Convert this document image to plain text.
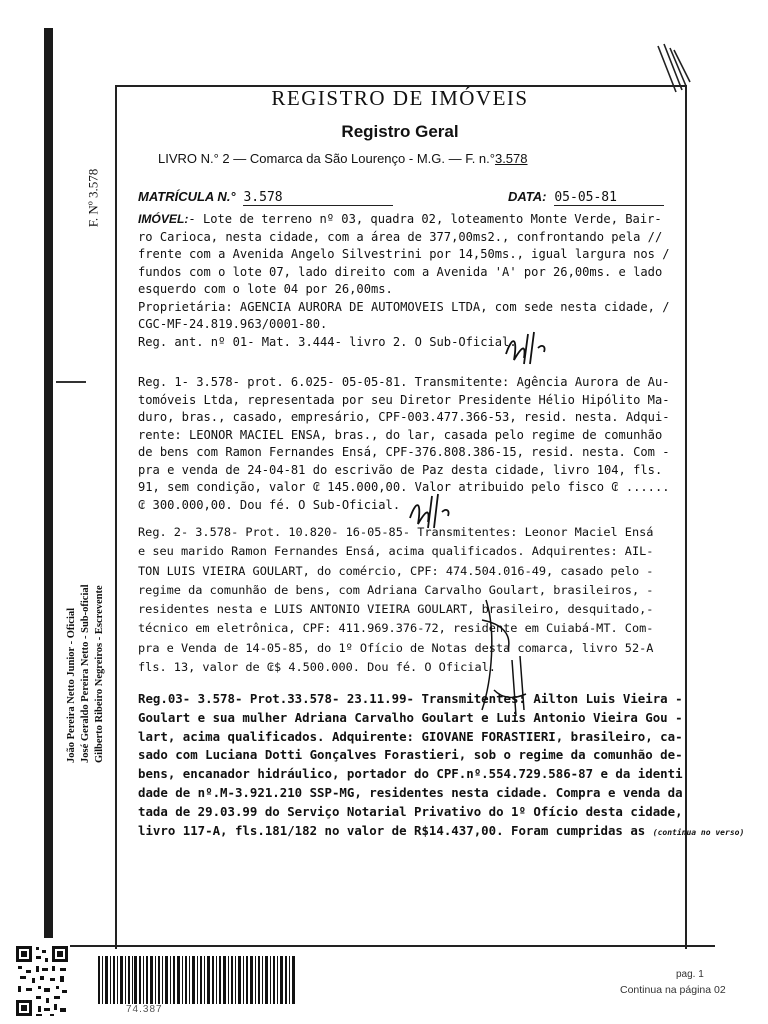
F. Nº 3.578
João Pereira Netto Junior - Oficial José Geraldo Pereira Netto - Sub-oficial Gilberto Ribeiro Negreiros - Escrevente
REGISTRO DE IMÓVEIS
Registro Geral
LIVRO N.° 2 — Comarca da São Lourenço - M.G. — F. n.°3.578
MATRÍCULA N.° 3.578	DATA: 05-05-81
IMÓVEL:- Lote de terreno nº 03, quadra 02, loteamento Monte Verde, Bair-
ro Carioca, nesta cidade, com a área de 377,00ms2., confrontando pela //
frente com a Avenida Angelo Silvestrini por 14,50ms., igual largura nos /
fundos com o lote 07, lado direito com a Avenida 'A' por 26,00ms. e lado
esquerdo com o lote 04 por 26,00ms.
Proprietária: AGENCIA AURORA DE AUTOMOVEIS LTDA, com sede nesta cidade, /
CGC-MF-24.819.963/0001-80.
Reg. ant. nº 01- Mat. 3.444- livro 2. O Sub-Oficial.
Reg. 1- 3.578- prot. 6.025- 05-05-81. Transmitente: Agência Aurora de Au-
tomóveis Ltda, representada por seu Diretor Presidente Hélio Hipólito Ma-
duro, bras., casado, empresário, CPF-003.477.366-53, resid. nesta. Adqui-
rente: LEONOR MACIEL ENSA, bras., do lar, casada pelo regime de comunhão
de bens com Ramon Fernandes Ensá, CPF-376.808.386-15, resid. nesta. Com -
pra e venda de 24-04-81 do escrivão de Paz desta cidade, livro 104, fls.
91, sem condição, valor ₢ 145.000,00. Valor atribuido pelo fisco ₢ ......
₢ 300.000,00. Dou fé. O Sub-Oficial.
Reg. 2- 3.578- Prot. 10.820- 16-05-85- Transmitentes: Leonor Maciel Ensá
e seu marido Ramon Fernandes Ensá, acima qualificados. Adquirentes: AIL-
TON LUIS VIEIRA GOULART, do comércio, CPF: 474.504.016-49, casado pelo -
regime da comunhão de bens, com Adriana Carvalho Goulart, brasileiros, -
residentes nesta e LUIS ANTONIO VIEIRA GOULART, brasileiro, desquitado,-
técnico em eletrônica, CPF: 411.969.376-72, residente em Cuiabá-MT. Com-
pra e Venda de 14-05-85, do 1º Ofício de Notas desta comarca, livro 52-A
fls. 13, valor de ₢$ 4.500.000. Dou fé. O Oficial.
Reg.03- 3.578- Prot.33.578- 23.11.99- Transmitentes: Ailton Luis Vieira -
Goulart e sua mulher Adriana Carvalho Goulart e Luis Antonio Vieira Gou -
lart, acima qualificados. Adquirente: GIOVANE FORASTIERI, brasileiro, ca-
sado com Luciana Dotti Gonçalves Forastieri, sob o regime da comunhão de-
bens, encanador hidráulico, portador do CPF.nº.554.729.586-87 e da identi
dade de nº.M-3.921.210 SSP-MG, residentes nesta cidade. Compra e venda da
tada de 29.03.99 do Serviço Notarial Privativo do 1º Ofício desta cidade,
livro 117-A, fls.181/182 no valor de R$14.437,00. Foram cumpridas as (continua no verso)
74.387
pag. 1
Continua na página 02
